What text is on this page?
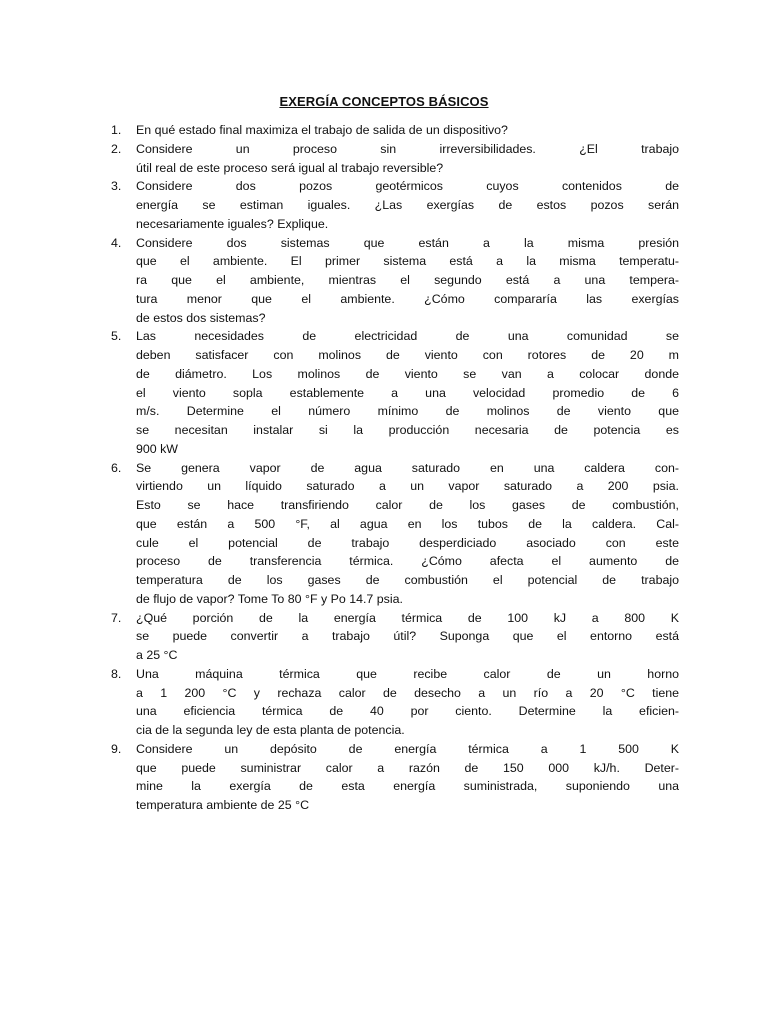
EXERGÍA CONCEPTOS BÁSICOS
1.	En qué estado final maximiza el trabajo de salida de un dispositivo?
2.	Considere un proceso sin irreversibilidades. ¿El trabajo
útil real de este proceso será igual al trabajo reversible?
3.	Considere dos pozos geotérmicos cuyos contenidos de
energía se estiman iguales. ¿Las exergías de estos pozos serán
necesariamente iguales? Explique.
4.	Considere dos sistemas que están a la misma presión
que el ambiente. El primer sistema está a la misma temperatu-
ra que el ambiente, mientras el segundo está a una tempera-
tura menor que el ambiente. ¿Cómo compararía las exergías
de estos dos sistemas?
5.	Las necesidades de electricidad de una comunidad se
deben satisfacer con molinos de viento con rotores de 20 m
de diámetro. Los molinos de viento se van a colocar donde
el viento sopla establemente a una velocidad promedio de 6
m/s. Determine el número mínimo de molinos de viento que
se necesitan instalar si la producción necesaria de potencia es
900 kW
6.	Se genera vapor de agua saturado en una caldera con-
virtiendo un líquido saturado a un vapor saturado a 200 psia.
Esto se hace transfiriendo calor de los gases de combustión,
que están a 500 °F, al agua en los tubos de la caldera. Cal-
cule el potencial de trabajo desperdiciado asociado con este
proceso de transferencia térmica. ¿Cómo afecta el aumento de
temperatura de los gases de combustión el potencial de trabajo
de flujo de vapor? Tome To 80 °F y Po 14.7 psia.
7.	¿Qué porción de la energía térmica de 100 kJ a 800 K
se puede convertir a trabajo útil? Suponga que el entorno está
a 25 °C
8.	Una máquina térmica que recibe calor de un horno
a 1 200 °C y rechaza calor de desecho a un río a 20 °C tiene
una eficiencia térmica de 40 por ciento. Determine la eficien-
cia de la segunda ley de esta planta de potencia.
9.	Considere un depósito de energía térmica a 1 500 K
que puede suministrar calor a razón de 150 000 kJ/h. Deter-
mine la exergía de esta energía suministrada, suponiendo una
temperatura ambiente de 25 °C
